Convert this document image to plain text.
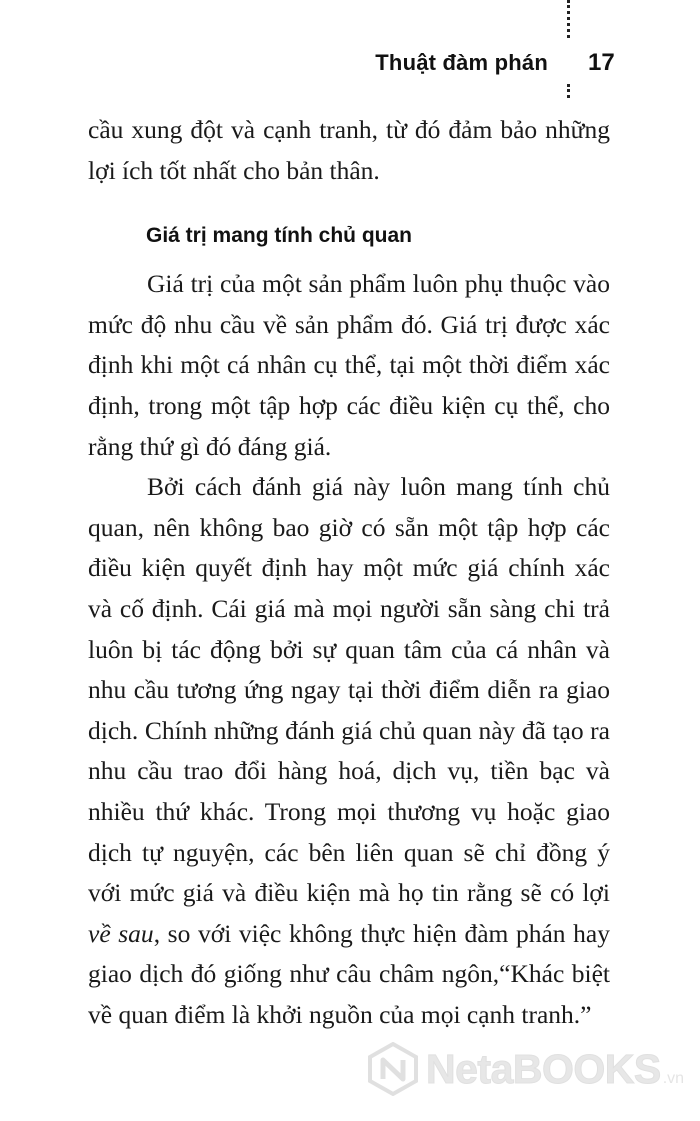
Thuật đàm phán 17

cầu xung đột và cạnh tranh, từ đó đảm bảo những lợi ích tốt nhất cho bản thân.

Giá trị mang tính chủ quan

Giá trị của một sản phẩm luôn phụ thuộc vào mức độ nhu cầu về sản phẩm đó. Giá trị được xác định khi một cá nhân cụ thể, tại một thời điểm xác định, trong một tập hợp các điều kiện cụ thể, cho rằng thứ gì đó đáng giá.

Bởi cách đánh giá này luôn mang tính chủ quan, nên không bao giờ có sẵn một tập hợp các điều kiện quyết định hay một mức giá chính xác và cố định. Cái giá mà mọi người sẵn sàng chi trả luôn bị tác động bởi sự quan tâm của cá nhân và nhu cầu tương ứng ngay tại thời điểm diễn ra giao dịch. Chính những đánh giá chủ quan này đã tạo ra nhu cầu trao đổi hàng hoá, dịch vụ, tiền bạc và nhiều thứ khác. Trong mọi thương vụ hoặc giao dịch tự nguyện, các bên liên quan sẽ chỉ đồng ý với mức giá và điều kiện mà họ tin rằng sẽ có lợi về sau, so với việc không thực hiện đàm phán hay giao dịch đó giống như câu châm ngôn,“Khác biệt về quan điểm là khởi nguồn của mọi cạnh tranh.”

NetaBOOKS .vn
